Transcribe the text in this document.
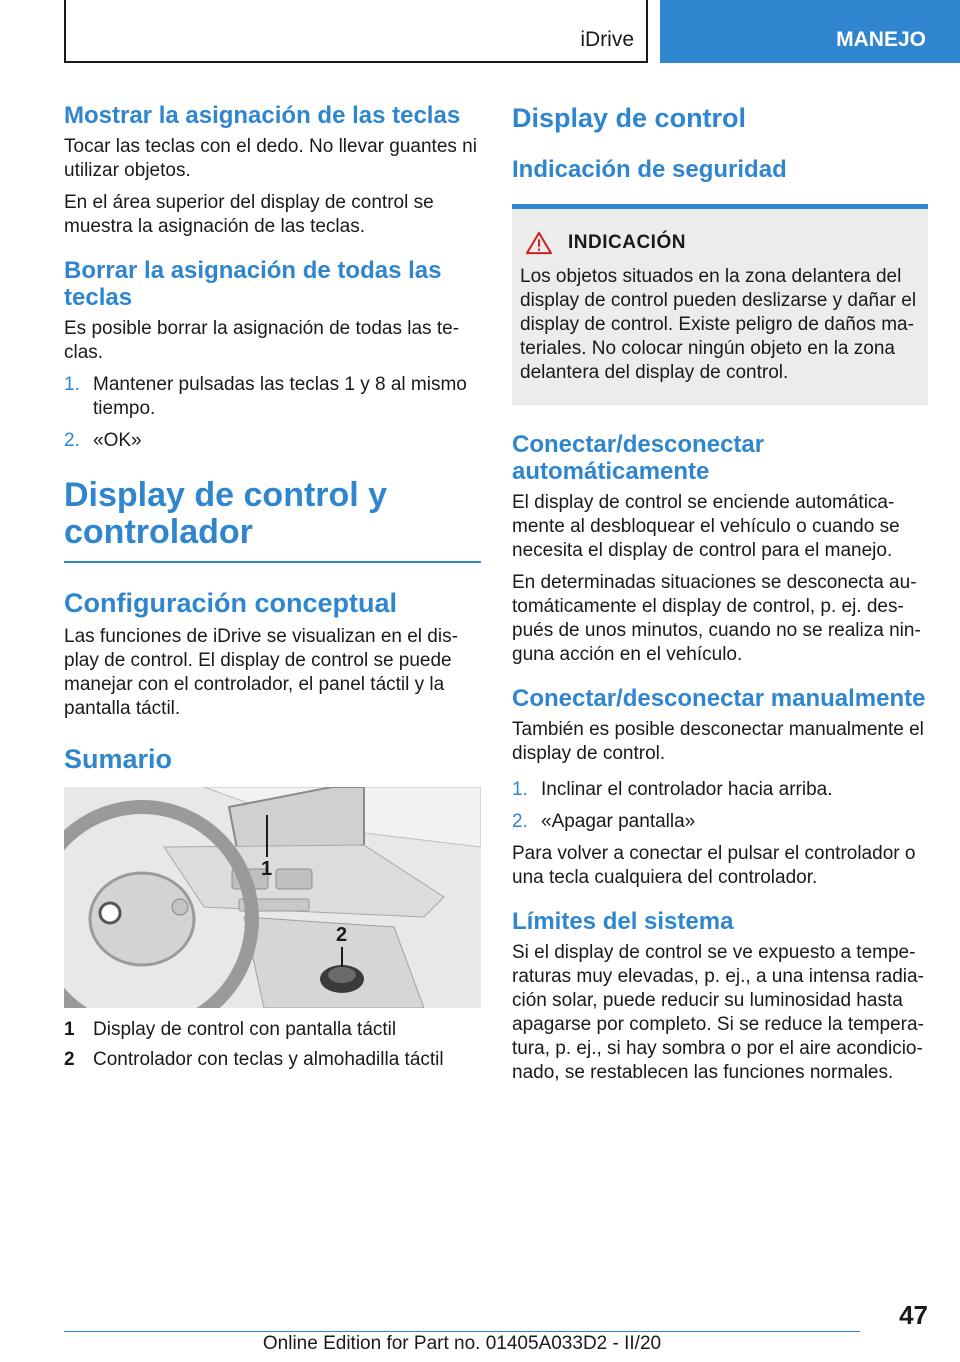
iDrive	MANEJO
Mostrar la asignación de las teclas

Tocar las teclas con el dedo. No llevar guantes ni utilizar objetos.

En el área superior del display de control se muestra la asignación de las teclas.

Borrar la asignación de todas las teclas

Es posible borrar la asignación de todas las teclas.

1. Mantener pulsadas las teclas 1 y 8 al mismo tiempo.
2. «OK»
Display de control y controlador
Configuración conceptual

Las funciones de iDrive se visualizan en el display de control. El display de control se puede manejar con el controlador, el panel táctil y la pantalla táctil.

Sumario
1
2
1 Display de control con pantalla táctil
2 Controlador con teclas y almohadilla táctil
Display de control
Indicación de seguridad
INDICACIÓN

Los objetos situados en la zona delantera del display de control pueden deslizarse y dañar el display de control. Existe peligro de daños materiales. No colocar ningún objeto en la zona delantera del display de control.

Conectar/desconectar automáticamente

El display de control se enciende automáticamente al desbloquear el vehículo o cuando se necesita el display de control para el manejo.

En determinadas situaciones se desconecta automáticamente el display de control, p. ej. después de unos minutos, cuando no se realiza ninguna acción en el vehículo.

Conectar/desconectar manualmente

También es posible desconectar manualmente el display de control.

1. Inclinar el controlador hacia arriba.
2. «Apagar pantalla»

Para volver a conectar el pulsar el controlador o una tecla cualquiera del controlador.

Límites del sistema

Si el display de control se ve expuesto a temperaturas muy elevadas, p. ej., a una intensa radiación solar, puede reducir su luminosidad hasta apagarse por completo. Si se reduce la temperatura, p. ej., si hay sombra o por el aire acondicionado, se restablecen las funciones normales.

47
Online Edition for Part no. 01405A033D2 - II/20
